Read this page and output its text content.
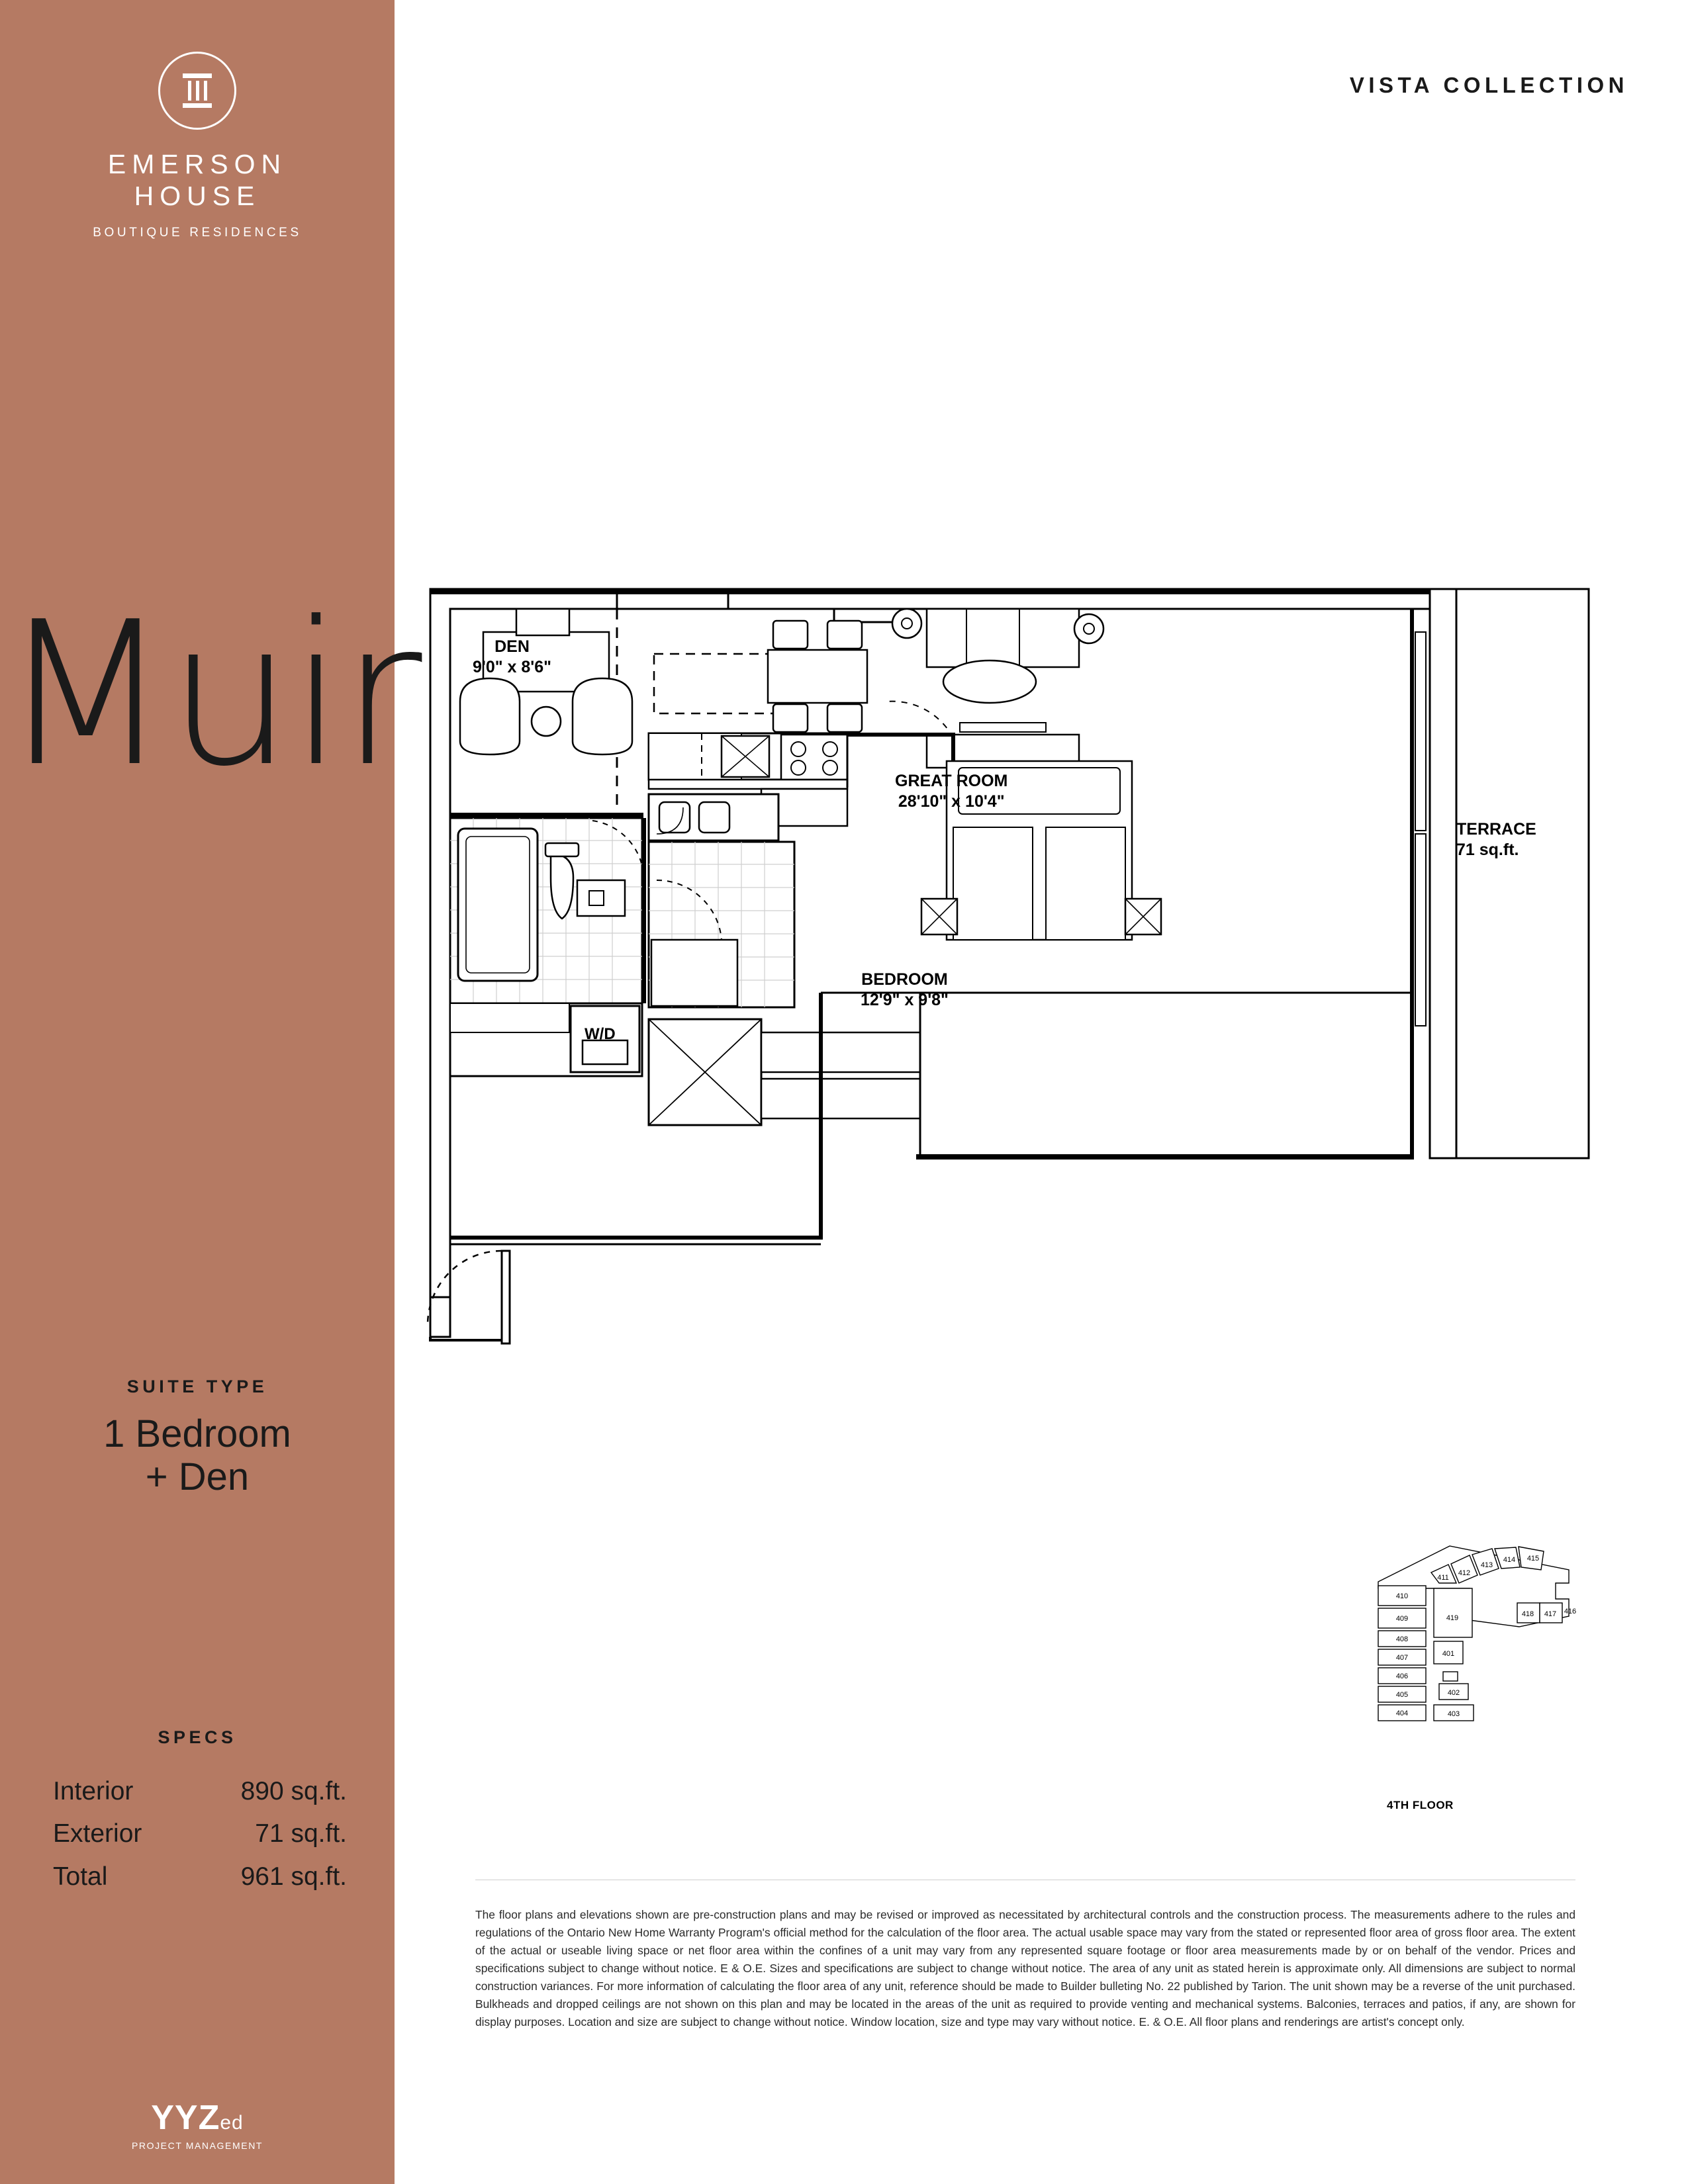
EMERSON
HOUSE
BOUTIQUE RESIDENCES
Muir
SUITE TYPE
1 Bedroom
+ Den
SPECS
Interior	890 sq.ft.
Exterior	71 sq.ft.
Total	961 sq.ft.
YYZed
PROJECT MANAGEMENT
VISTA COLLECTION
DEN
9'0" x 8'6"
GREAT ROOM
28'10" x 10'4"
BEDROOM
12'9" x 9'8"
TERRACE
71 sq.ft.
W/D
410
409
408
407
406
405
404
411
412
413
414 415
418 417 416
419
401
402
403
4TH FLOOR
The floor plans and elevations shown are pre-construction plans and may be revised or improved as necessitated by architectural controls and the construction process. The measurements adhere to the rules and regulations of the Ontario New Home Warranty Program's official method for the calculation of the floor area. The actual usable space may vary from the stated or represented floor area of gross floor area. The extent of the actual or useable living space or net floor area within the confines of a unit may vary from any represented square footage or floor area measurements made by or on behalf of the vendor. Prices and specifications subject to change without notice. E & O.E. Sizes and specifications are subject to change without notice. The area of any unit as stated herein is approximate only. All dimensions are subject to normal construction variances. For more information of calculating the floor area of any unit, reference should be made to Builder bulleting No. 22 published by Tarion. The unit shown may be a reverse of the unit purchased. Bulkheads and dropped ceilings are not shown on this plan and may be located in the areas of the unit as required to provide venting and mechanical systems. Balconies, terraces and patios, if any, are shown for display purposes. Location and size are subject to change without notice. Window location, size and type may vary without notice. E. & O.E. All floor plans and renderings are artist's concept only.
